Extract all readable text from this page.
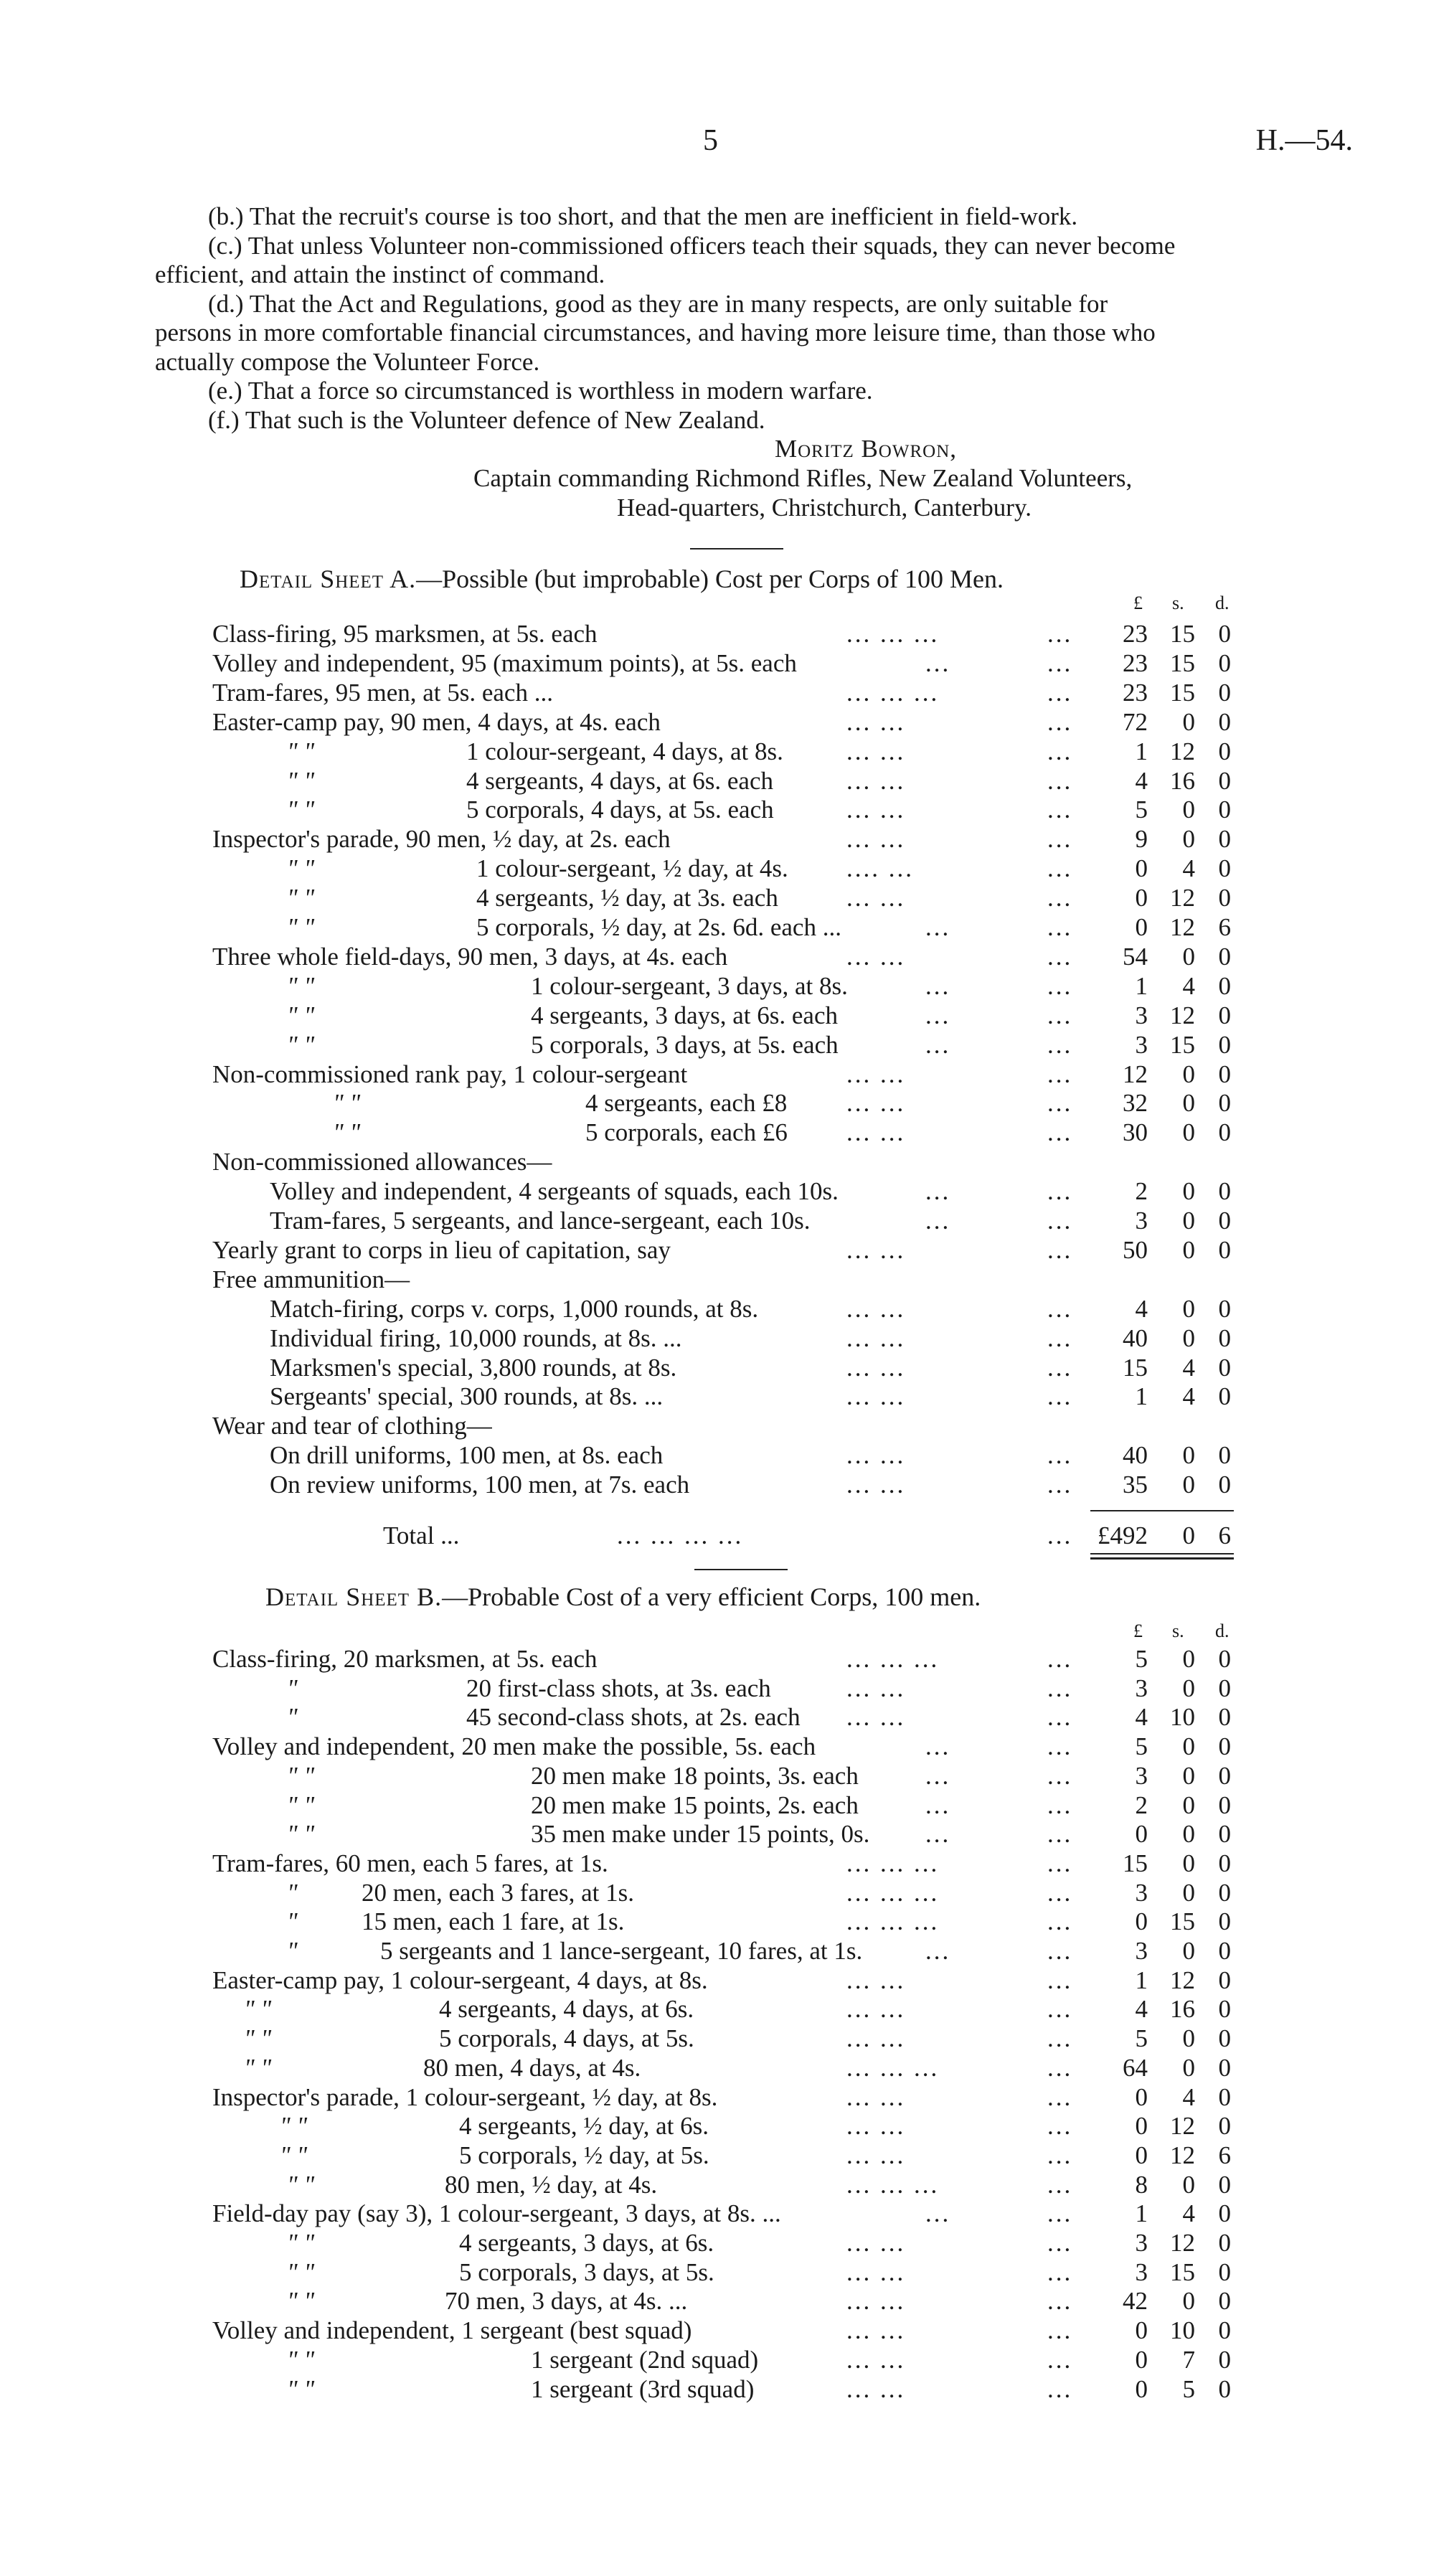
5	H.—54.
(b.) That the recruit's course is too short, and that the men are inefficient in field-work.
(c.) That unless Volunteer non-commissioned officers teach their squads, they can never become
efficient, and attain the instinct of command.
(d.) That the Act and Regulations, good as they are in many respects, are only suitable for
persons in more comfortable financial circumstances, and having more leisure time, than those who
actually compose the Volunteer Force.
(e.) That a force so circumstanced is worthless in modern warfare.
(f.) That such is the Volunteer defence of New Zealand.
Moritz Bowron,
Captain commanding Richmond Rifles, New Zealand Volunteers,
Head-quarters, Christchurch, Canterbury.
Detail Sheet A.—Possible (but improbable) Cost per Corps of 100 Men.
£ s. d.
Class-firing, 95 marksmen, at 5s. each	... ... ...	...	23 15 0
Volley and independent, 95 (maximum points), at 5s. each	...	...	23 15 0
Tram-fares, 95 men, at 5s. each ...	... ... ...	...	23 15 0
Easter-camp pay, 90 men, 4 days, at 4s. each	... ...	...	72	0 0
" "	1 colour-sergeant, 4 days, at 8s.	... ...	...	1 12 0
" "	4 sergeants, 4 days, at 6s. each	... ...	...	4 16 0
" "	5 corporals, 4 days, at 5s. each	... ...	...	5	0 0
Inspector's parade, 90 men, ½ day, at 2s. each	... ...	...	9	0 0
" "	1 colour-sergeant, ½ day, at 4s. .... ...	...	0	4 0
" "	4 sergeants, ½ day, at 3s. each	... ...	...	0 12 0
" "	5 corporals, ½ day, at 2s. 6d. each ...	...	...	0 12 6
Three whole field-days, 90 men, 3 days, at 4s. each	... ...	...	54	0 0
" "	1 colour-sergeant, 3 days, at 8s.	...	...	1	4 0
" "	4 sergeants, 3 days, at 6s. each	...	...	3 12 0
" "	5 corporals, 3 days, at 5s. each	...	...	3 15 0
Non-commissioned rank pay, 1 colour-sergeant	... ...	...	12	0 0
" "	4 sergeants, each £8 ... ...	...	32	0 0
" "	5 corporals, each £6 ... ...	...	30	0 0
Non-commissioned allowances—
Volley and independent, 4 sergeants of squads, each 10s.	...	...	2	0 0
Tram-fares, 5 sergeants, and lance-sergeant, each 10s.	...	...	3	0 0
Yearly grant to corps in lieu of capitation, say	... ...	...	50	0 0
Free ammunition—
Match-firing, corps v. corps, 1,000 rounds, at 8s.	... ...	...	4	0 0
Individual firing, 10,000 rounds, at 8s. ...	... ...	...	40	0 0
Marksmen's special, 3,800 rounds, at 8s.	... ...	...	15	4 0
Sergeants' special, 300 rounds, at 8s. ...	... ...	...	1	4 0
Wear and tear of clothing—
On drill uniforms, 100 men, at 8s. each	... ...	...	40	0 0
On review uniforms, 100 men, at 7s. each	... ...	...	35	0 0
Total ...	... ... ... ...	... £492	0 6
Detail Sheet B.—Probable Cost of a very efficient Corps, 100 men.
£ s. d.
Class-firing, 20 marksmen, at 5s. each	... ... ...	...	5	0 0
"	20 first-class shots, at 3s. each	... ...	...	3	0 0
"	45 second-class shots, at 2s. each ... ...	...	4 10 0
Volley and independent, 20 men make the possible, 5s. each	...	...	5	0 0
" "	20 men make 18 points, 3s. each	...	...	3	0 0
" "	20 men make 15 points, 2s. each	...	...	2	0 0
" "	35 men make under 15 points, 0s. ...	...	0	0 0
Tram-fares, 60 men, each 5 fares, at 1s.	... ... ...	...	15	0 0
"	20 men, each 3 fares, at 1s.	... ... ...	...	3	0 0
"	15 men, each 1 fare, at 1s.	... ... ...	...	0 15 0
"	5 sergeants and 1 lance-sergeant, 10 fares, at 1s.	...	...	3	0 0
Easter-camp pay, 1 colour-sergeant, 4 days, at 8s.	... ...	...	1 12 0
" "	4 sergeants, 4 days, at 6s.	... ...	...	4 16 0
" "	5 corporals, 4 days, at 5s.	... ...	...	5	0 0
" "	80 men, 4 days, at 4s.	... ... ...	...	64	0 0
Inspector's parade, 1 colour-sergeant, ½ day, at 8s.	... ...	...	0	4 0
" "	4 sergeants, ½ day, at 6s.	... ...	...	0 12 0
" "	5 corporals, ½ day, at 5s.	... ...	...	0 12 6
" "	80 men, ½ day, at 4s.	... ... ...	...	8	0 0
Field-day pay (say 3), 1 colour-sergeant, 3 days, at 8s. ...	...	...	1	4 0
" "	4 sergeants, 3 days, at 6s.	... ...	...	3 12 0
" "	5 corporals, 3 days, at 5s.	... ...	...	3 15 0
" "	70 men, 3 days, at 4s. ...	... ...	...	42	0 0
Volley and independent, 1 sergeant (best squad)	... ...	...	0 10 0
" "	1 sergeant (2nd squad)	... ...	...	0	7 0
" "	1 sergeant (3rd squad)	... ...	...	0	5 0
